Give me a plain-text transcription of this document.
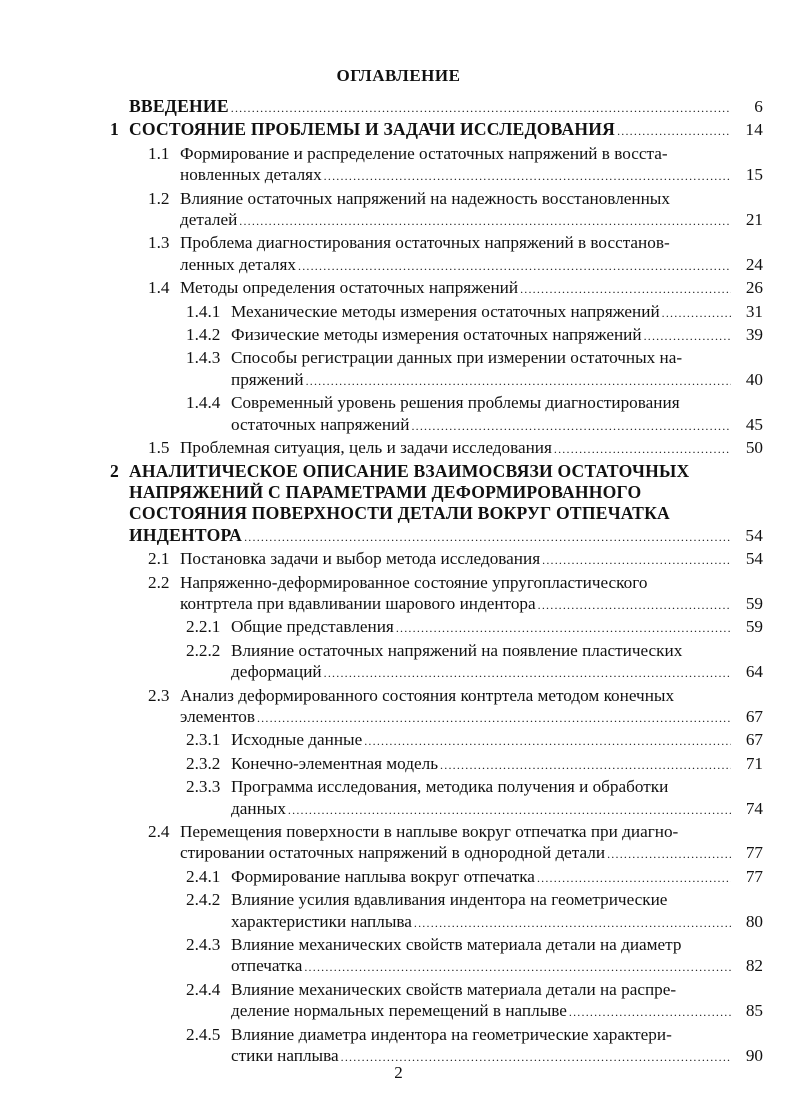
ОГЛАВЛЕНИЕ
ВВЕДЕНИЕ .....	6
1 СОСТОЯНИЕ ПРОБЛЕМЫ И ЗАДАЧИ ИССЛЕДОВАНИЯ .....	14
1.1 Формирование и распределение остаточных напряжений в восста-
новленных деталях .....	15
1.2 Влияние остаточных напряжений на надежность восстановленных
деталей .....	21
1.3 Проблема диагностирования остаточных напряжений в восстанов-
ленных деталях .....	24
1.4 Методы определения остаточных напряжений .....	26
1.4.1 Механические методы измерения остаточных напряжений .....	31
1.4.2 Физические методы измерения остаточных напряжений .....	39
1.4.3 Способы регистрации данных при измерении остаточных на-
пряжений .....	40
1.4.4 Современный уровень решения проблемы диагностирования
остаточных напряжений .....	45
1.5 Проблемная ситуация, цель и задачи исследования .....	50
2 АНАЛИТИЧЕСКОЕ ОПИСАНИЕ ВЗАИМОСВЯЗИ ОСТАТОЧНЫХ
НАПРЯЖЕНИЙ С ПАРАМЕТРАМИ ДЕФОРМИРОВАННОГО
СОСТОЯНИЯ ПОВЕРХНОСТИ ДЕТАЛИ ВОКРУГ ОТПЕЧАТКА
ИНДЕНТОРА .....	54
2.1 Постановка задачи и выбор метода исследования .....	54
2.2 Напряженно-деформированное состояние упругопластического
контртела при вдавливании шарового индентора .....	59
2.2.1 Общие представления .....	59
2.2.2 Влияние остаточных напряжений на появление пластических
деформаций .....	64
2.3 Анализ деформированного состояния контртела методом конечных
элементов .....	67
2.3.1 Исходные данные .....	67
2.3.2 Конечно-элементная модель .....	71
2.3.3 Программа исследования, методика получения и обработки
данных .....	74
2.4 Перемещения поверхности в наплыве вокруг отпечатка при диагно-
стировании остаточных напряжений в однородной детали .....	77
2.4.1 Формирование наплыва вокруг отпечатка .....	77
2.4.2 Влияние усилия вдавливания индентора на геометрические
характеристики наплыва .....	80
2.4.3 Влияние механических свойств материала детали на диаметр
отпечатка .....	82
2.4.4 Влияние механических свойств материала детали на распре-
деление нормальных перемещений в наплыве .....	85
2.4.5 Влияние диаметра индентора на геометрические характери-
стики наплыва .....	90
2
